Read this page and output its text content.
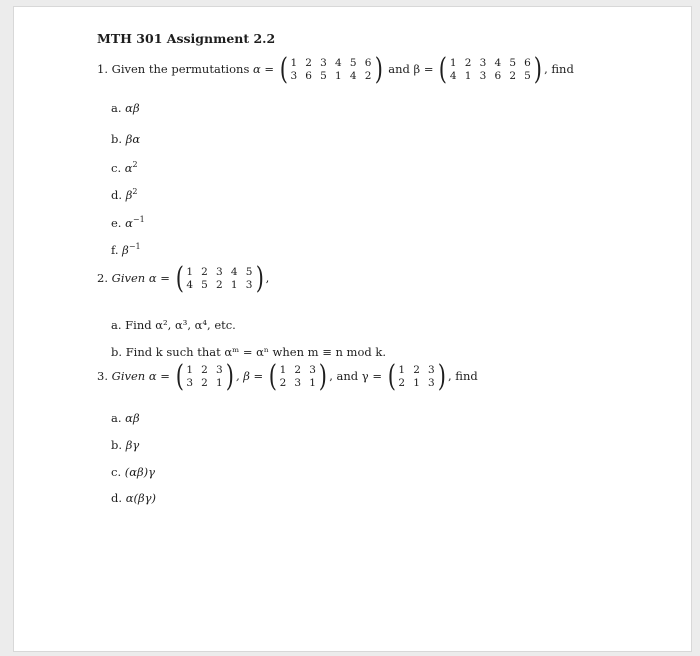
MTH 301 Assignment 2.2
1. Given the permutations α = ( 1  2  3  4  5  6
3  6  5  1  4  2 ) and β = ( 1  2  3  4  5  6
4  1  3  6  2  5 ) , find
a. αβ
b. βα
c. $\alpha^2$
d. $\beta^2$
e. $\alpha^{-1}$
f. $\beta^{-1}$
2. Given α = ( 1  2  3  4  5
4  5  2  1  3 ) ,
a. Find α², α³, α⁴, etc.
b. Find k such that αᵐ = αⁿ when m ≡ n mod k.
3. Given α = ( 1  2  3
3  2  1 ) , β = ( 1  2  3
2  3  1 ) , and γ = ( 1  2  3
2  1  3 ) , find
a. αβ
b. βγ
c. (αβ)γ
d. α(βγ)
